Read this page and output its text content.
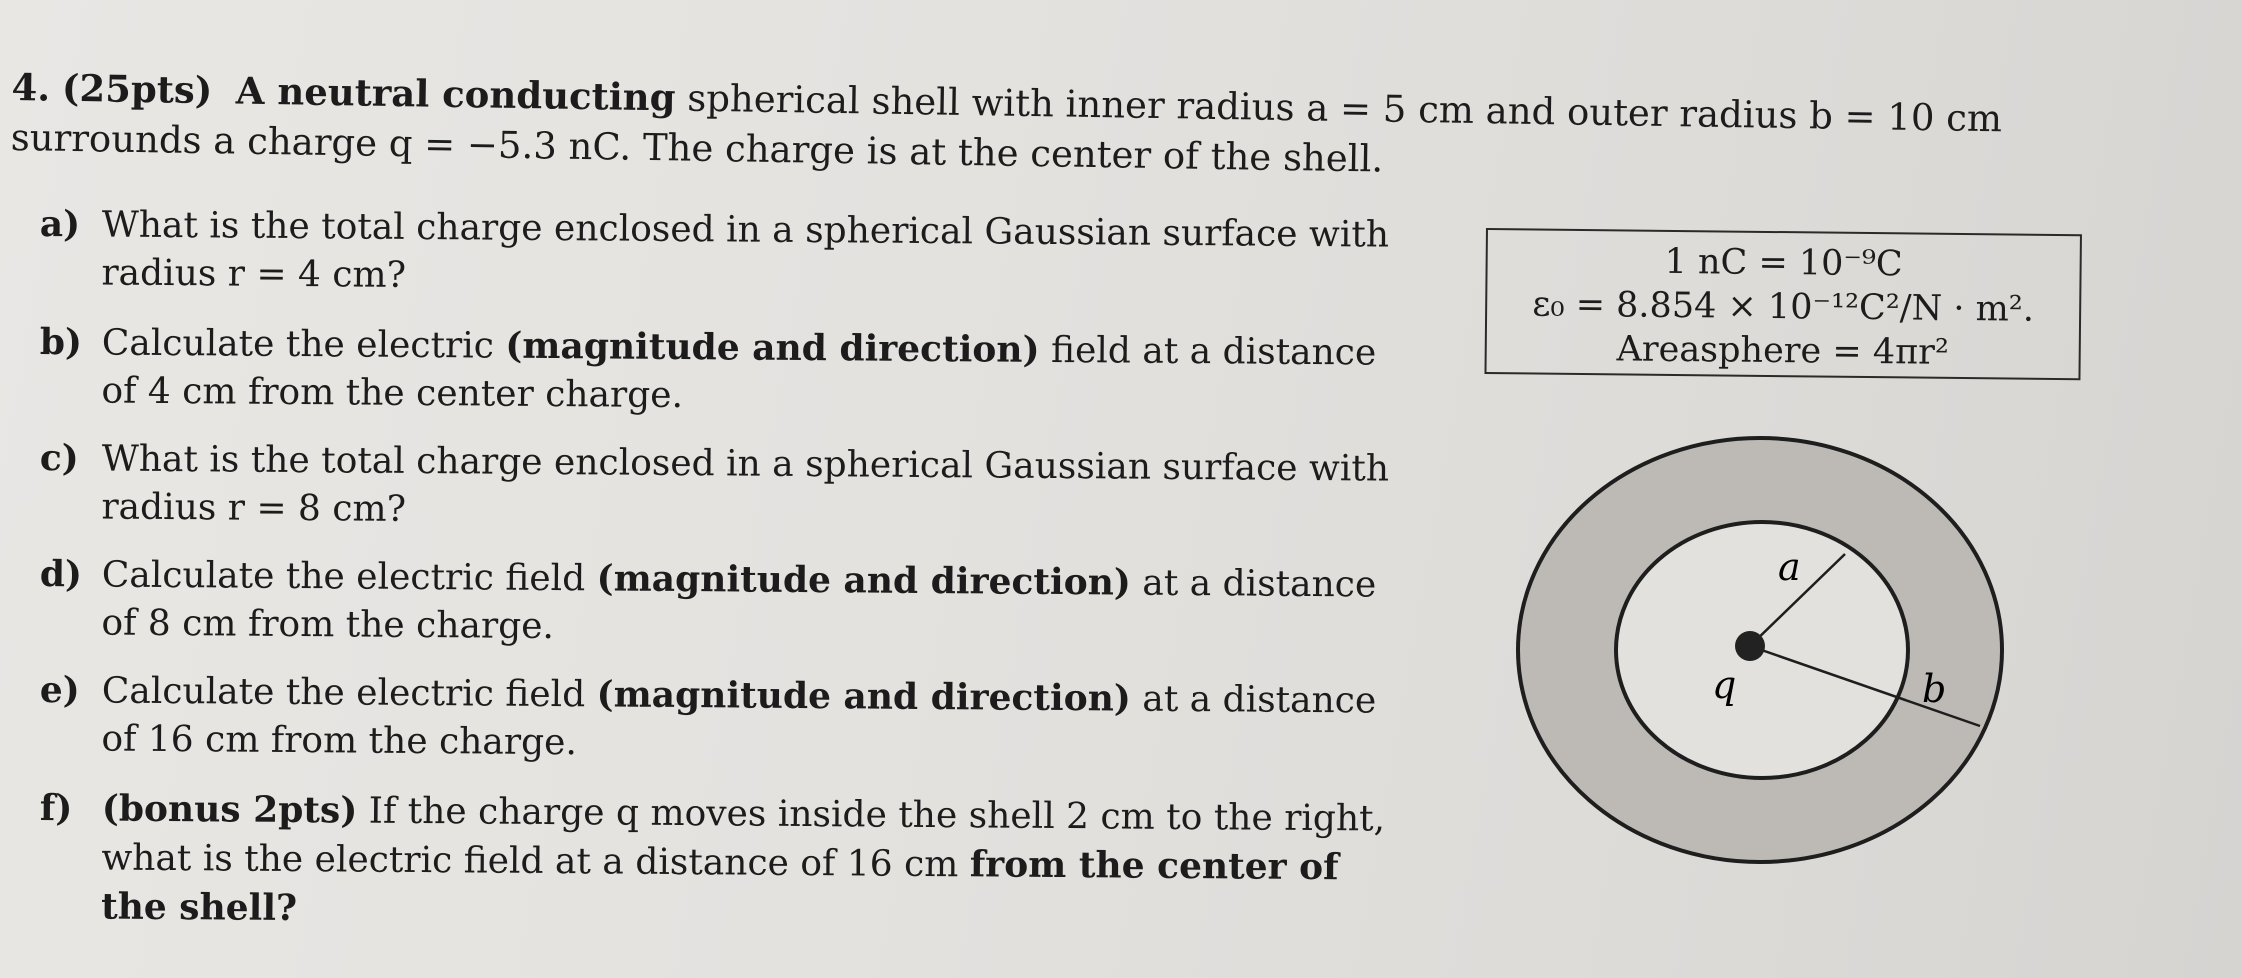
4. (25pts) A neutral conducting spherical shell with inner radius a = 5 cm and outer radius b = 10 cm
surrounds a charge q = −5.3 nC. The charge is at the center of the shell.
a) What is the total charge enclosed in a spherical Gaussian surface with
radius r = 4 cm?
b) Calculate the electric (magnitude and direction) field at a distance
of 4 cm from the center charge.
c) What is the total charge enclosed in a spherical Gaussian surface with
radius r = 8 cm?
d) Calculate the electric field (magnitude and direction) at a distance
of 8 cm from the charge.
e) Calculate the electric field (magnitude and direction) at a distance
of 16 cm from the charge.
f) (bonus 2pts) If the charge q moves inside the shell 2 cm to the right,
what is the electric field at a distance of 16 cm from the center of
the shell?
1 nC = 10⁻⁹C
ε₀ = 8.854 × 10⁻¹²C²/N · m².
Areasphere = 4πr²
a
b
q
